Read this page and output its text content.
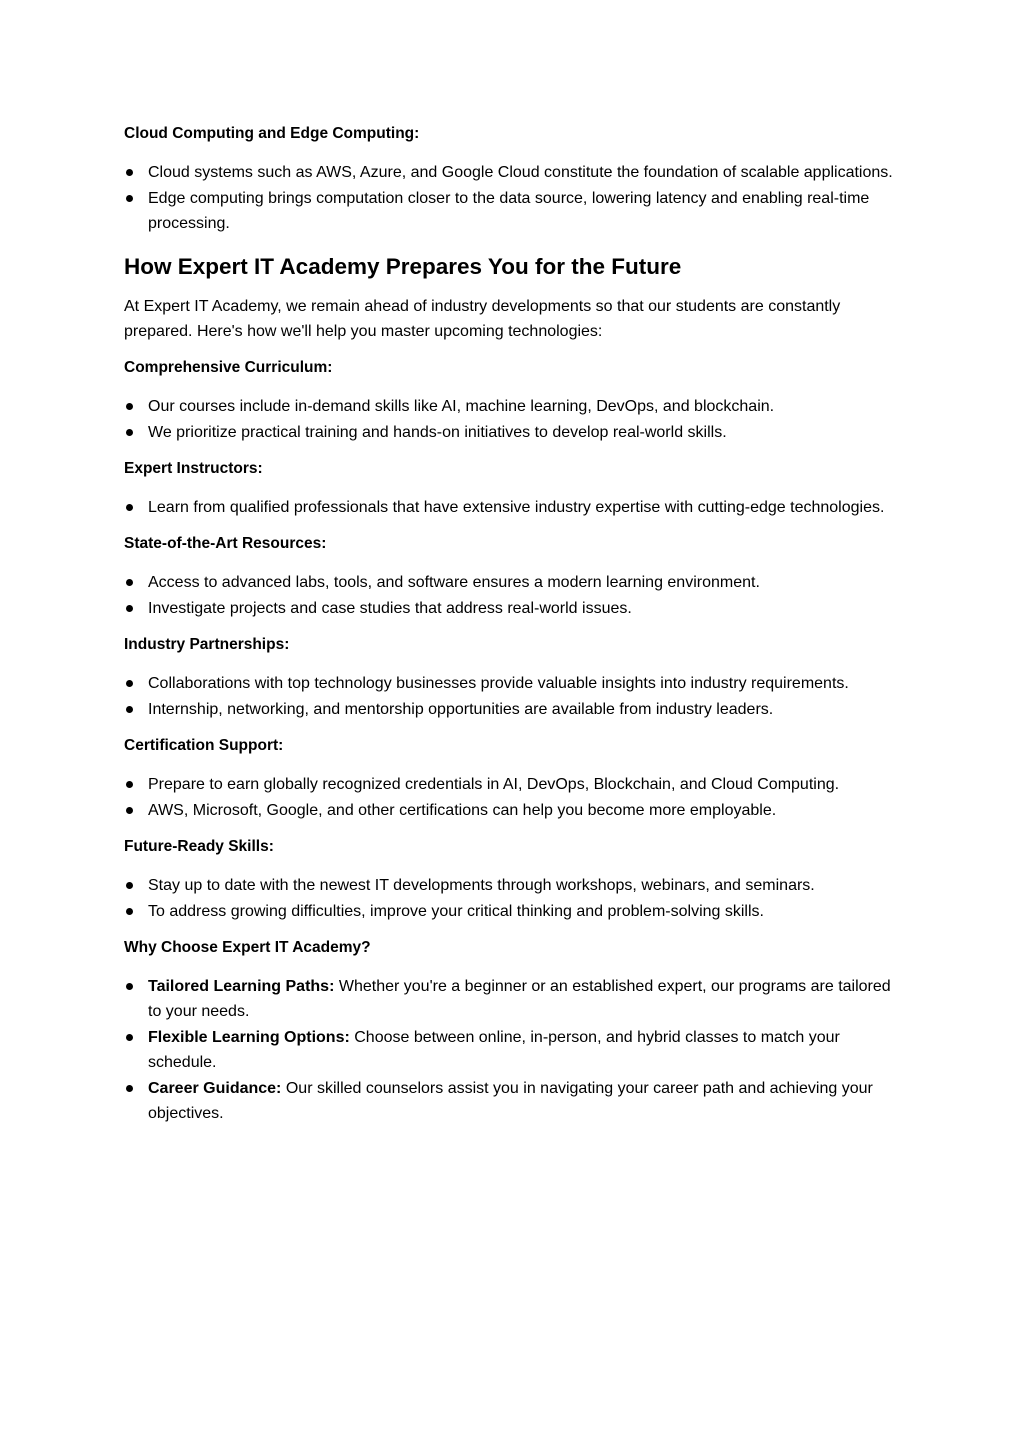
Cloud Computing and Edge Computing:
Cloud systems such as AWS, Azure, and Google Cloud constitute the foundation of scalable applications.
Edge computing brings computation closer to the data source, lowering latency and enabling real-time processing.
How Expert IT Academy Prepares You for the Future

At Expert IT Academy, we remain ahead of industry developments so that our students are constantly prepared. Here's how we'll help you master upcoming technologies:

Comprehensive Curriculum:
Our courses include in-demand skills like AI, machine learning, DevOps, and blockchain.
We prioritize practical training and hands-on initiatives to develop real-world skills.
Expert Instructors:
Learn from qualified professionals that have extensive industry expertise with cutting-edge technologies.
State-of-the-Art Resources:
Access to advanced labs, tools, and software ensures a modern learning environment.
Investigate projects and case studies that address real-world issues.
Industry Partnerships:
Collaborations with top technology businesses provide valuable insights into industry requirements.
Internship, networking, and mentorship opportunities are available from industry leaders.
Certification Support:
Prepare to earn globally recognized credentials in AI, DevOps, Blockchain, and Cloud Computing.
AWS, Microsoft, Google, and other certifications can help you become more employable.
Future-Ready Skills:
Stay up to date with the newest IT developments through workshops, webinars, and seminars.
To address growing difficulties, improve your critical thinking and problem-solving skills.
Why Choose Expert IT Academy?
Tailored Learning Paths: Whether you're a beginner or an established expert, our programs are tailored to your needs.
Flexible Learning Options: Choose between online, in-person, and hybrid classes to match your schedule.
Career Guidance: Our skilled counselors assist you in navigating your career path and achieving your objectives.
